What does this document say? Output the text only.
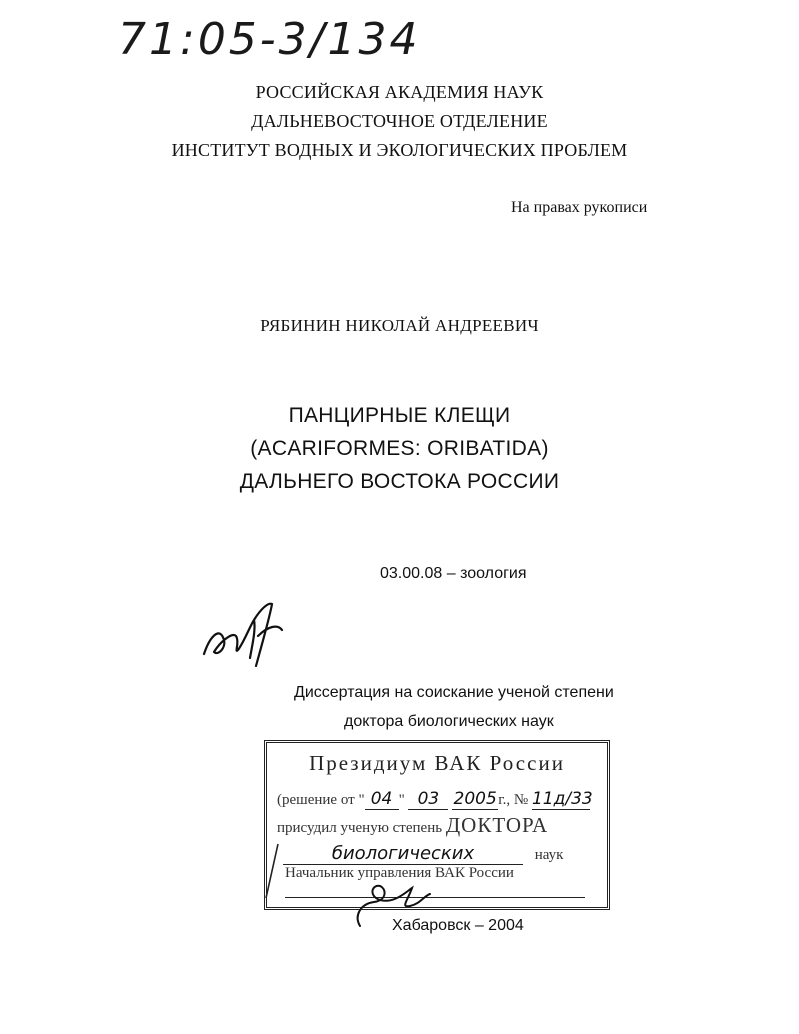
71:05-3/134
РОССИЙСКАЯ АКАДЕМИЯ НАУК
ДАЛЬНЕВОСТОЧНОЕ ОТДЕЛЕНИЕ
ИНСТИТУТ ВОДНЫХ И ЭКОЛОГИЧЕСКИХ ПРОБЛЕМ
На правах рукописи
РЯБИНИН НИКОЛАЙ АНДРЕЕВИЧ
ПАНЦИРНЫЕ КЛЕЩИ
(ACARIFORMES: ORIBATIDA)
ДАЛЬНЕГО ВОСТОКА РОССИИ
03.00.08 – зоология
Диссертация на соискание ученой степени
доктора биологических наук
Президиум ВАК России
(решение от " 04 " 03 2005г., № 11д/33
присудил ученую степень ДОКТОРА
биологических	наук
Начальник управления ВАК России
Хабаровск – 2004
